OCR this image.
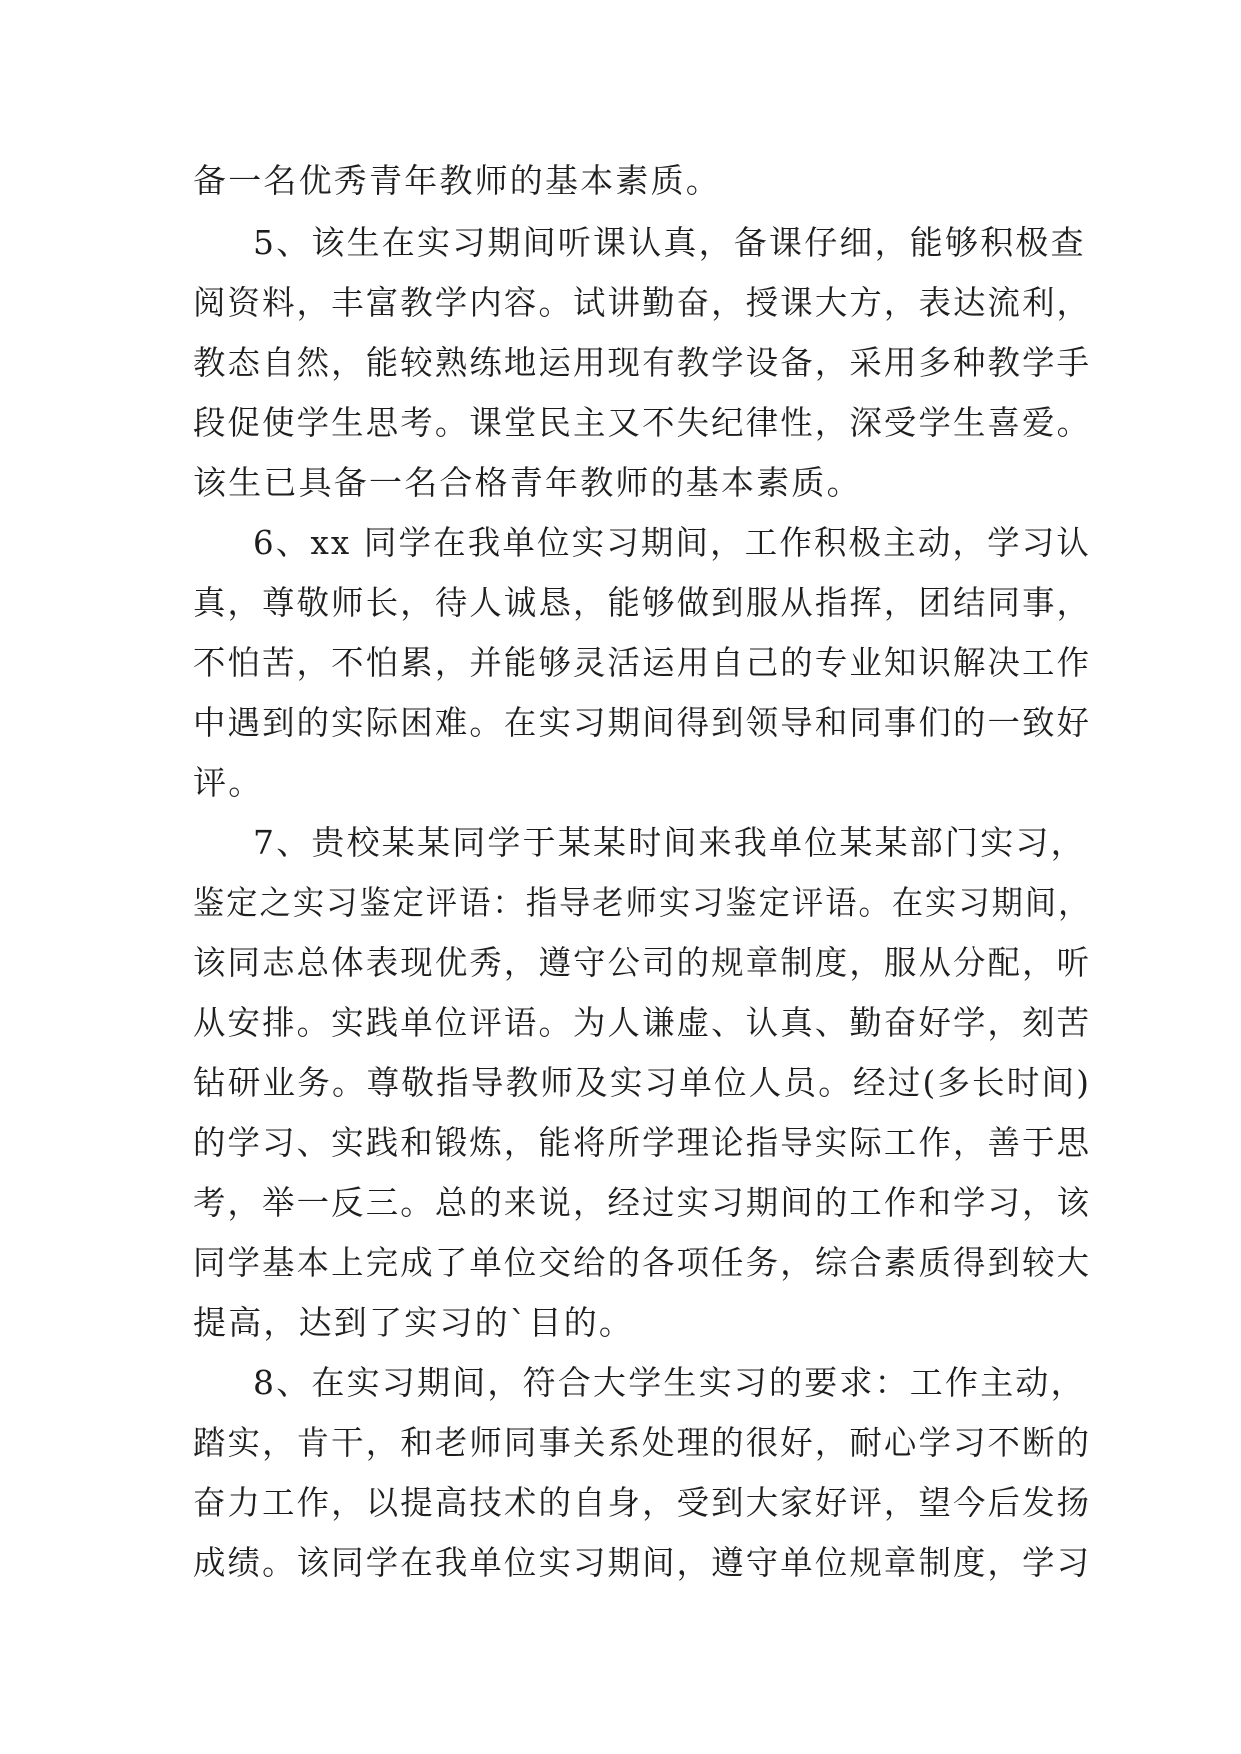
备一名优秀青年教师的基本素质。

5、该生在实习期间听课认真，备课仔细，能够积极查

阅资料，丰富教学内容。试讲勤奋，授课大方，表达流利，

教态自然，能较熟练地运用现有教学设备，采用多种教学手

段促使学生思考。课堂民主又不失纪律性，深受学生喜爱。

该生已具备一名合格青年教师的基本素质。

6、xx 同学在我单位实习期间，工作积极主动，学习认

真，尊敬师长，待人诚恳，能够做到服从指挥，团结同事，

不怕苦，不怕累，并能够灵活运用自己的专业知识解决工作

中遇到的实际困难。在实习期间得到领导和同事们的一致好

评。

7、贵校某某同学于某某时间来我单位某某部门实习，

鉴定之实习鉴定评语：指导老师实习鉴定评语。在实习期间，

该同志总体表现优秀，遵守公司的规章制度，服从分配，听

从安排。实践单位评语。为人谦虚、认真、勤奋好学，刻苦

钻研业务。尊敬指导教师及实习单位人员。经过(多长时间)

的学习、实践和锻炼，能将所学理论指导实际工作，善于思

考，举一反三。总的来说，经过实习期间的工作和学习，该

同学基本上完成了单位交给的各项任务，综合素质得到较大

提高，达到了实习的`目的。

8、在实习期间，符合大学生实习的要求：工作主动，

踏实，肯干，和老师同事关系处理的很好，耐心学习不断的

奋力工作，以提高技术的自身，受到大家好评，望今后发扬

成绩。该同学在我单位实习期间，遵守单位规章制度，学习
